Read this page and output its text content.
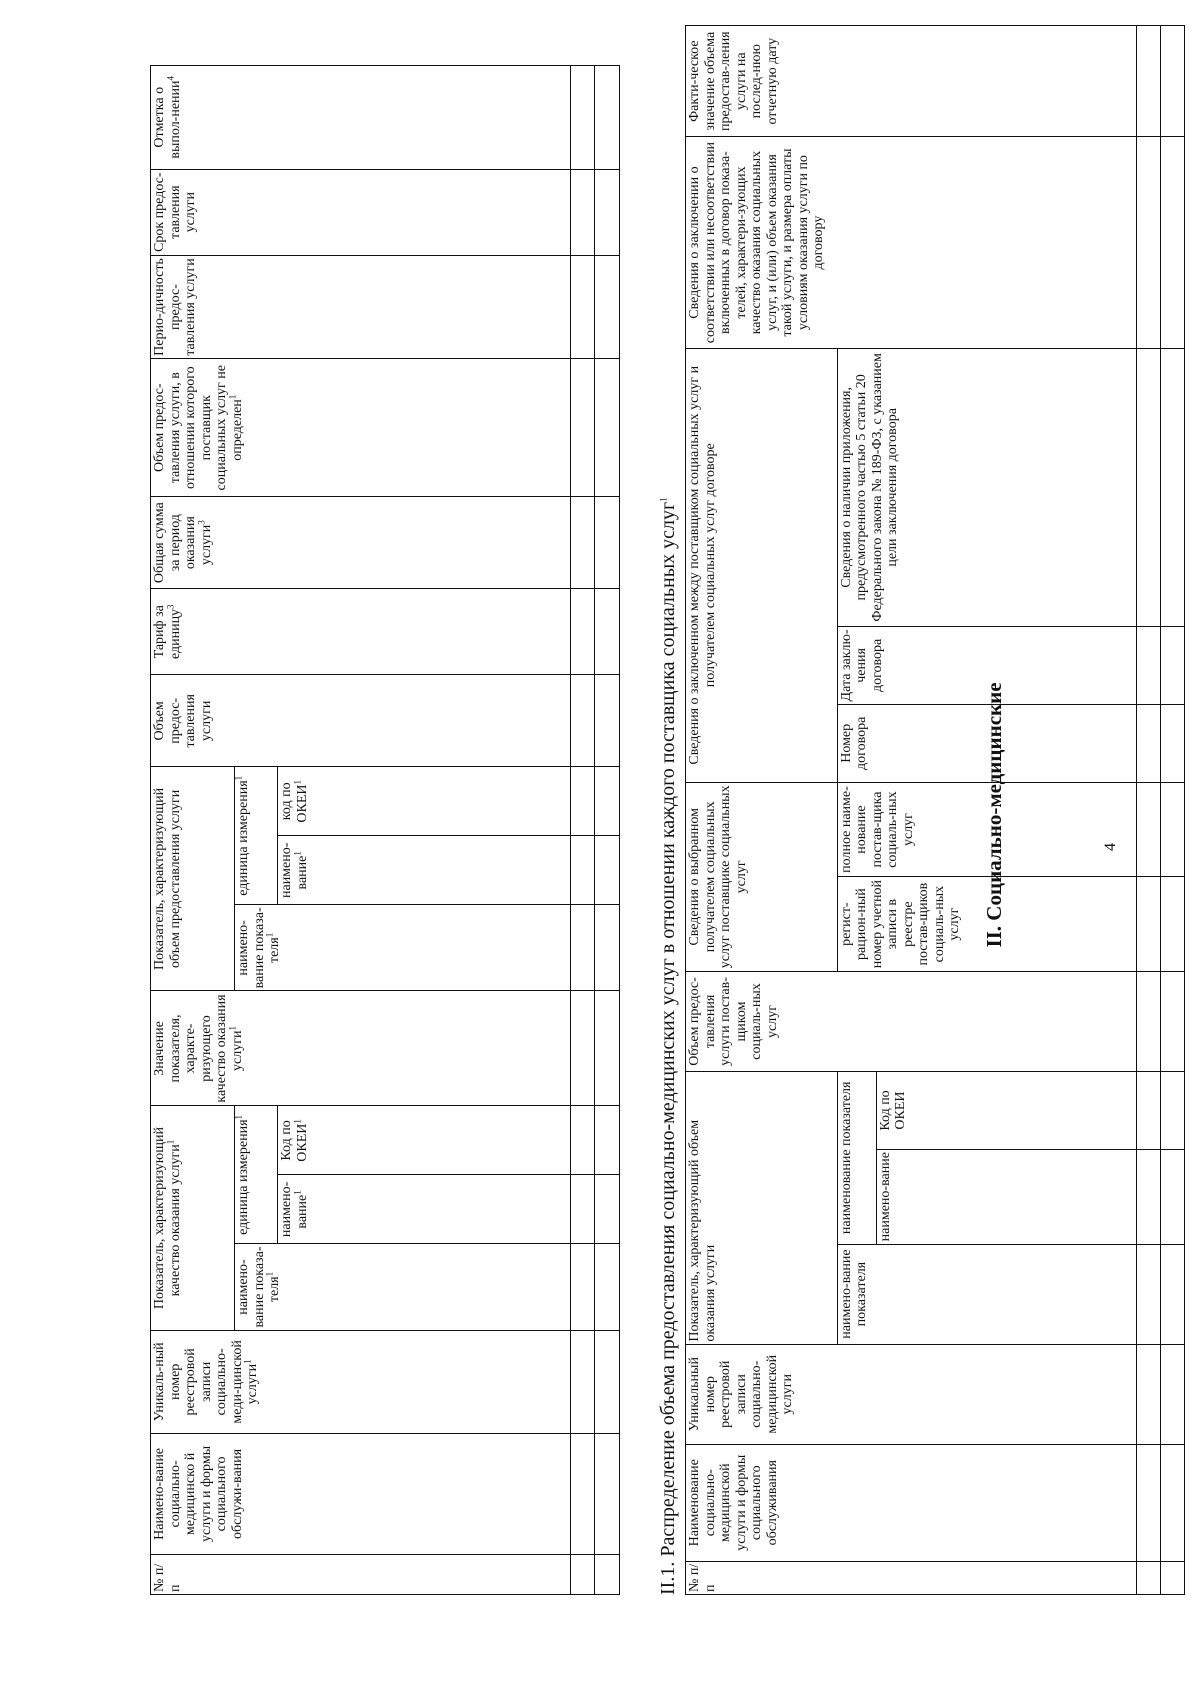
4
II. Социально-медицинские
№ п/п	Наимено-вание социально-медицинско й услуги и формы социального обслужи-вания	Уникаль-ный номер реестровой записи социально-меди-цинской услуги$^1$	Показатель, характеризующий качество оказания услуги$^1$			Значение показателя, характе-ризующего качество оказания услуги$^1$	Показатель, характеризующий объем предоставления услуги			Объем предос-тавления услуги	Тариф за единицу$^3$	Общая сумма за период оказания услуги$^3$	Объем предос-тавления услуги, в отношении которого поставщик социальных услуг не определен$^1$	Перио-дичность предос-тавления услуги	Срок предос-тавления услуги	Отметка о выпол-нении$^4$
			наимено-вание показа-теля$^1$	единица измерения$^1$			наимено-вание показа-теля$^1$	единица измерения$^1$
				наимено-вание$^1$	Код по ОКЕИ$^1$			наимено-вание$^1$	код по ОКЕИ$^1$

																	II.1. Распределение объема предоставления социально-медицинских услуг в отношении каждого поставщика социальных услуг$^1$
№ п/п	Наименование социально-медицинской услуги и формы социального обслуживания	Уникальный номер реестровой записи социально-медицинской услуги	Показатель, характеризующий объем оказания услуги			Объем предос-тавления услуги постав-щиком социаль-ных услуг	Сведения о выбранном получателем социальных услуг поставщике социальных услуг		Сведения о заключенном между поставщиком социальных услуг и получателем социальных услуг договоре			Сведения о заключении о соответствии или несоответствии включенных в договор показа-телей, характери-зующих качество оказания социальных услуг, и (или) объем оказания такой услуги, и размера оплаты условиям оказания услуги по договору	Факти-ческое значение объема предостав-ления услуги на послед-нюю отчетную дату
			наимено-вание показателя	наименование показателя			регист-рацион-ный номер учетной записи в реестре постав-щиков социаль-ных услуг	полное наиме-нование постав-щика социаль-ных услуг	Номер договора	Дата заклю-чения договора	Сведения о наличии приложения, предусмотренного частью 5 статьи 20 Федерального закона № 189-ФЗ, с указанием цели заключения договора		
				наимено-вание	Код по ОКЕИ								
